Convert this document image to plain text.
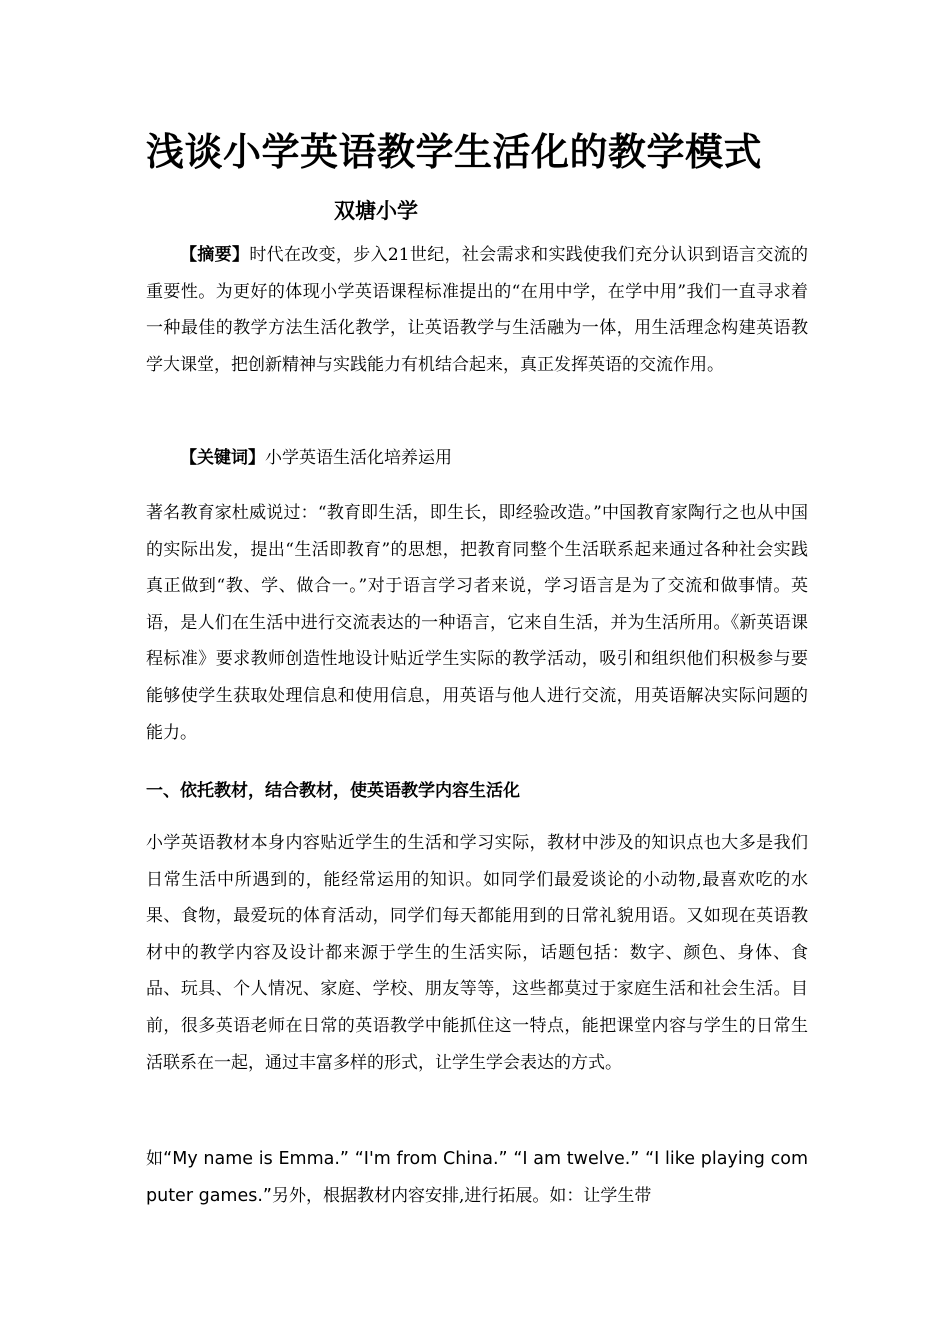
浅谈小学英语教学生活化的教学模式
双塘小学

【摘要】时代在改变，步入21世纪，社会需求和实践使我们充分认识到语言交流的重要性。为更好的体现小学英语课程标准提出的“在用中学，在学中用”我们一直寻求着一种最佳的教学方法生活化教学，让英语教学与生活融为一体，用生活理念构建英语教学大课堂，把创新精神与实践能力有机结合起来，真正发挥英语的交流作用。

【关键词】小学英语生活化培养运用

著名教育家杜威说过：“教育即生活，即生长，即经验改造。”中国教育家陶行之也从中国的实际出发，提出“生活即教育”的思想，把教育同整个生活联系起来通过各种社会实践真正做到“教、学、做合一。”对于语言学习者来说，学习语言是为了交流和做事情。英语，是人们在生活中进行交流表达的一种语言，它来自生活，并为生活所用。《新英语课程标准》要求教师创造性地设计贴近学生实际的教学活动，吸引和组织他们积极参与要能够使学生获取处理信息和使用信息，用英语与他人进行交流，用英语解决实际问题的能力。

一、依托教材，结合教材，使英语教学内容生活化

小学英语教材本身内容贴近学生的生活和学习实际，教材中涉及的知识点也大多是我们日常生活中所遇到的，能经常运用的知识。如同学们最爱谈论的小动物,最喜欢吃的水果、食物，最爱玩的体育活动，同学们每天都能用到的日常礼貌用语。又如现在英语教材中的教学内容及设计都来源于学生的生活实际，话题包括：数字、颜色、身体、食品、玩具、个人情况、家庭、学校、朋友等等，这些都莫过于家庭生活和社会生活。目前，很多英语老师在日常的英语教学中能抓住这一特点，能把课堂内容与学生的日常生活联系在一起，通过丰富多样的形式，让学生学会表达的方式。

如“My name is Emma.” “I'm from China.” “I am twelve.” “I like playing computer games.”另外，根据教材内容安排,进行拓展。如：让学生带
